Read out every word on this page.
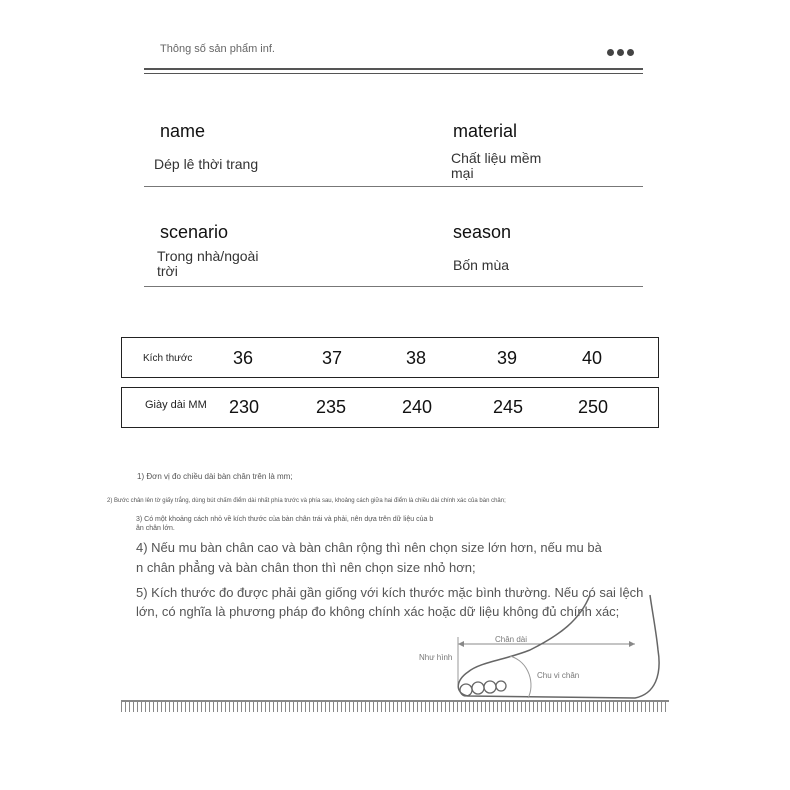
Thông số sản phẩm inf.
name
Dép lê thời trang
material
Chất liệu mềm
mại
scenario
Trong nhà/ngoài
trời
season
Bốn mùa
Kích thước 36	37	38	39	40
Giày dài MM 230	235	240	245	250
1) Đơn vị đo chiều dài bàn chân trên là mm;
2) Bước chân lên tờ giấy trắng, dùng bút chấm điểm dài nhất phía trước và phía sau, khoảng cách giữa hai điểm là chiều dài chính xác của bàn chân;
3) Có một khoảng cách nhỏ về kích thước của bàn chân trái và phải, nên dựa trên dữ liệu của b
ân chân lớn.
4) Nếu mu bàn chân cao và bàn chân rộng thì nên chọn size lớn hơn, nếu mu bà
n chân phẳng và bàn chân thon thì nên chọn size nhỏ hơn;
5) Kích thước đo được phải gần giống với kích thước mặc bình thường. Nếu có sai lệch
lớn, có nghĩa là phương pháp đo không chính xác hoặc dữ liệu không đủ chính xác;
Chân dài
Như hình
Chu vi chân
